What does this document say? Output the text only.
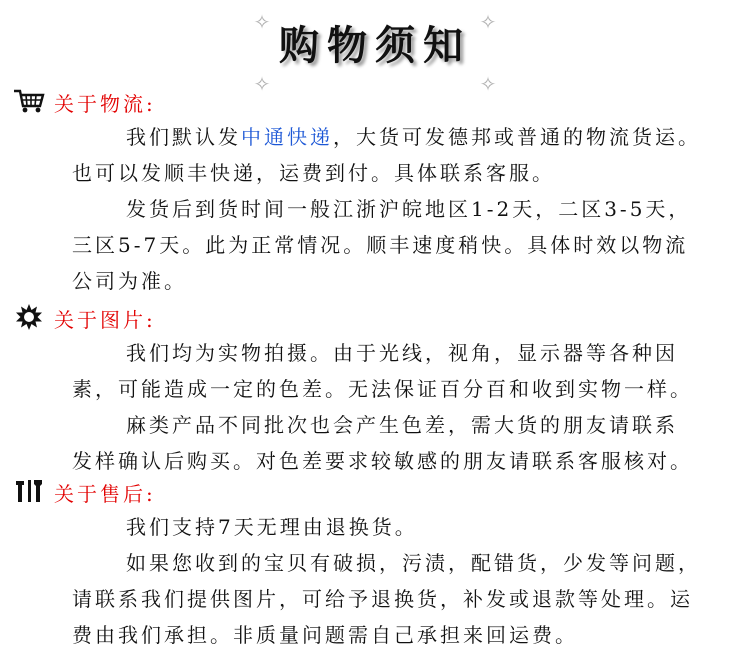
✧	✧
✧	✧
购物须知
关于物流:
我们默认发中通快递，大货可发德邦或普通的物流货运。
也可以发顺丰快递，运费到付。具体联系客服。
发货后到货时间一般江浙沪皖地区1-2天，二区3-5天，
三区5-7天。此为正常情况。顺丰速度稍快。具体时效以物流
公司为准。
关于图片:
我们均为实物拍摄。由于光线，视角，显示器等各种因
素，可能造成一定的色差。无法保证百分百和收到实物一样。
麻类产品不同批次也会产生色差，需大货的朋友请联系
发样确认后购买。对色差要求较敏感的朋友请联系客服核对。
关于售后:
我们支持7天无理由退换货。
如果您收到的宝贝有破损，污渍，配错货，少发等问题，
请联系我们提供图片，可给予退换货，补发或退款等处理。运
费由我们承担。非质量问题需自己承担来回运费。
